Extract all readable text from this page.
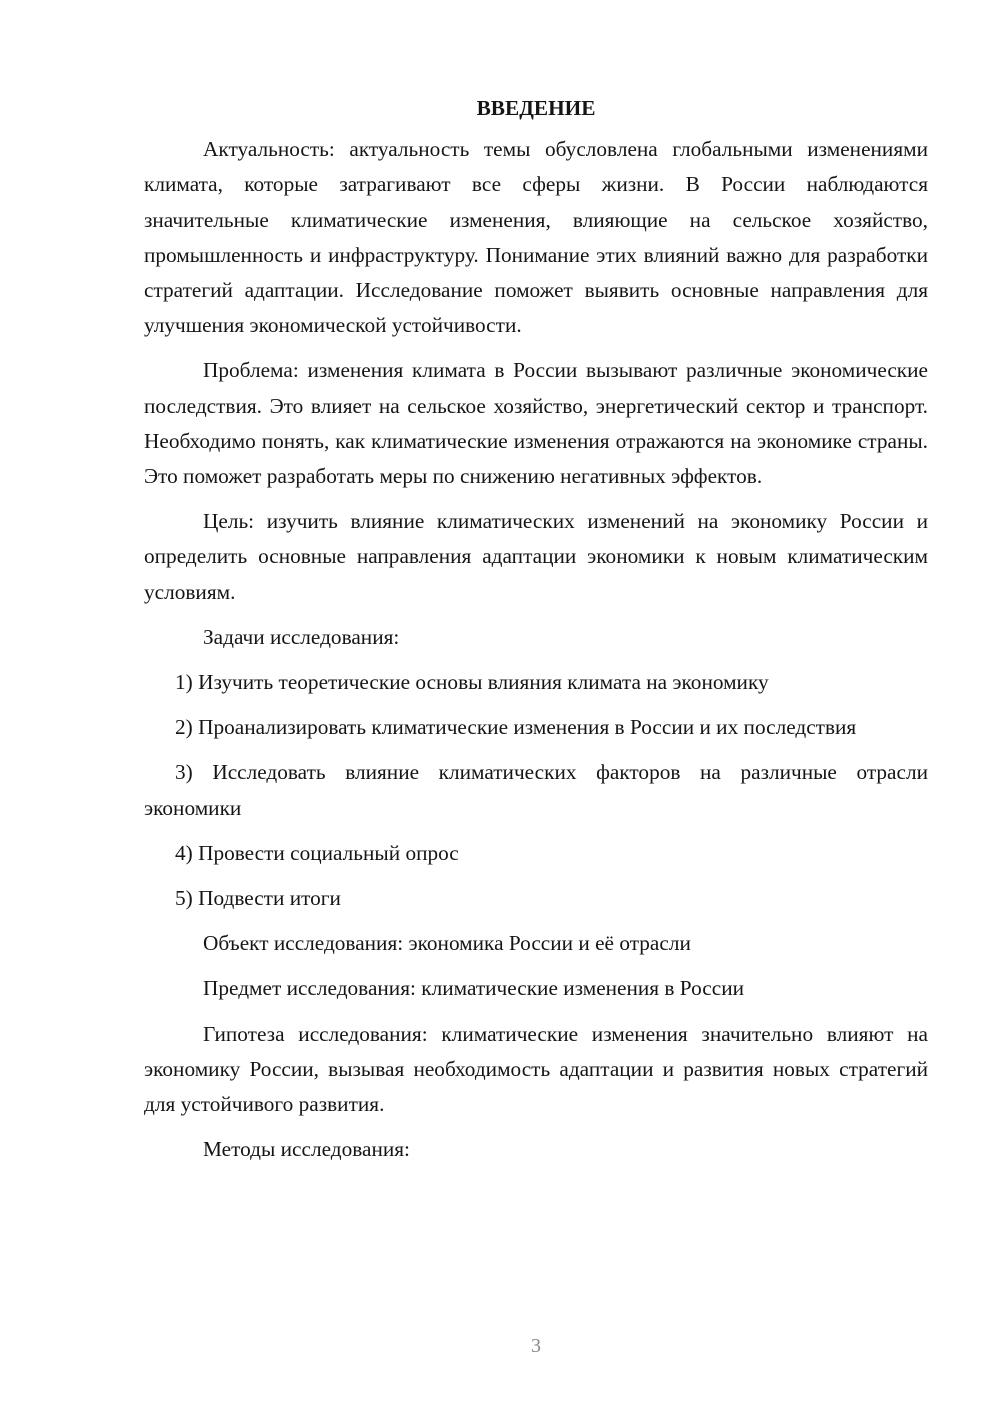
ВВЕДЕНИЕ

Актуальность: актуальность темы обусловлена глобальными изменениями климата, которые затрагивают все сферы жизни. В России наблюдаются значительные климатические изменения, влияющие на сельское хозяйство, промышленность и инфраструктуру. Понимание этих влияний важно для разработки стратегий адаптации. Исследование поможет выявить основные направления для улучшения экономической устойчивости.

Проблема: изменения климата в России вызывают различные экономические последствия. Это влияет на сельское хозяйство, энергетический сектор и транспорт. Необходимо понять, как климатические изменения отражаются на экономике страны. Это поможет разработать меры по снижению негативных эффектов.

Цель: изучить влияние климатических изменений на экономику России и определить основные направления адаптации экономики к новым климатическим условиям.

Задачи исследования:

1) Изучить теоретические основы влияния климата на экономику

2) Проанализировать климатические изменения в России и их последствия

3) Исследовать влияние климатических факторов на различные отрасли экономики

4) Провести социальный опрос

5) Подвести итоги

Объект исследования: экономика России и её отрасли

Предмет исследования: климатические изменения в России

Гипотеза исследования: климатические изменения значительно влияют на экономику России, вызывая необходимость адаптации и развития новых стратегий для устойчивого развития.

Методы исследования:

3
